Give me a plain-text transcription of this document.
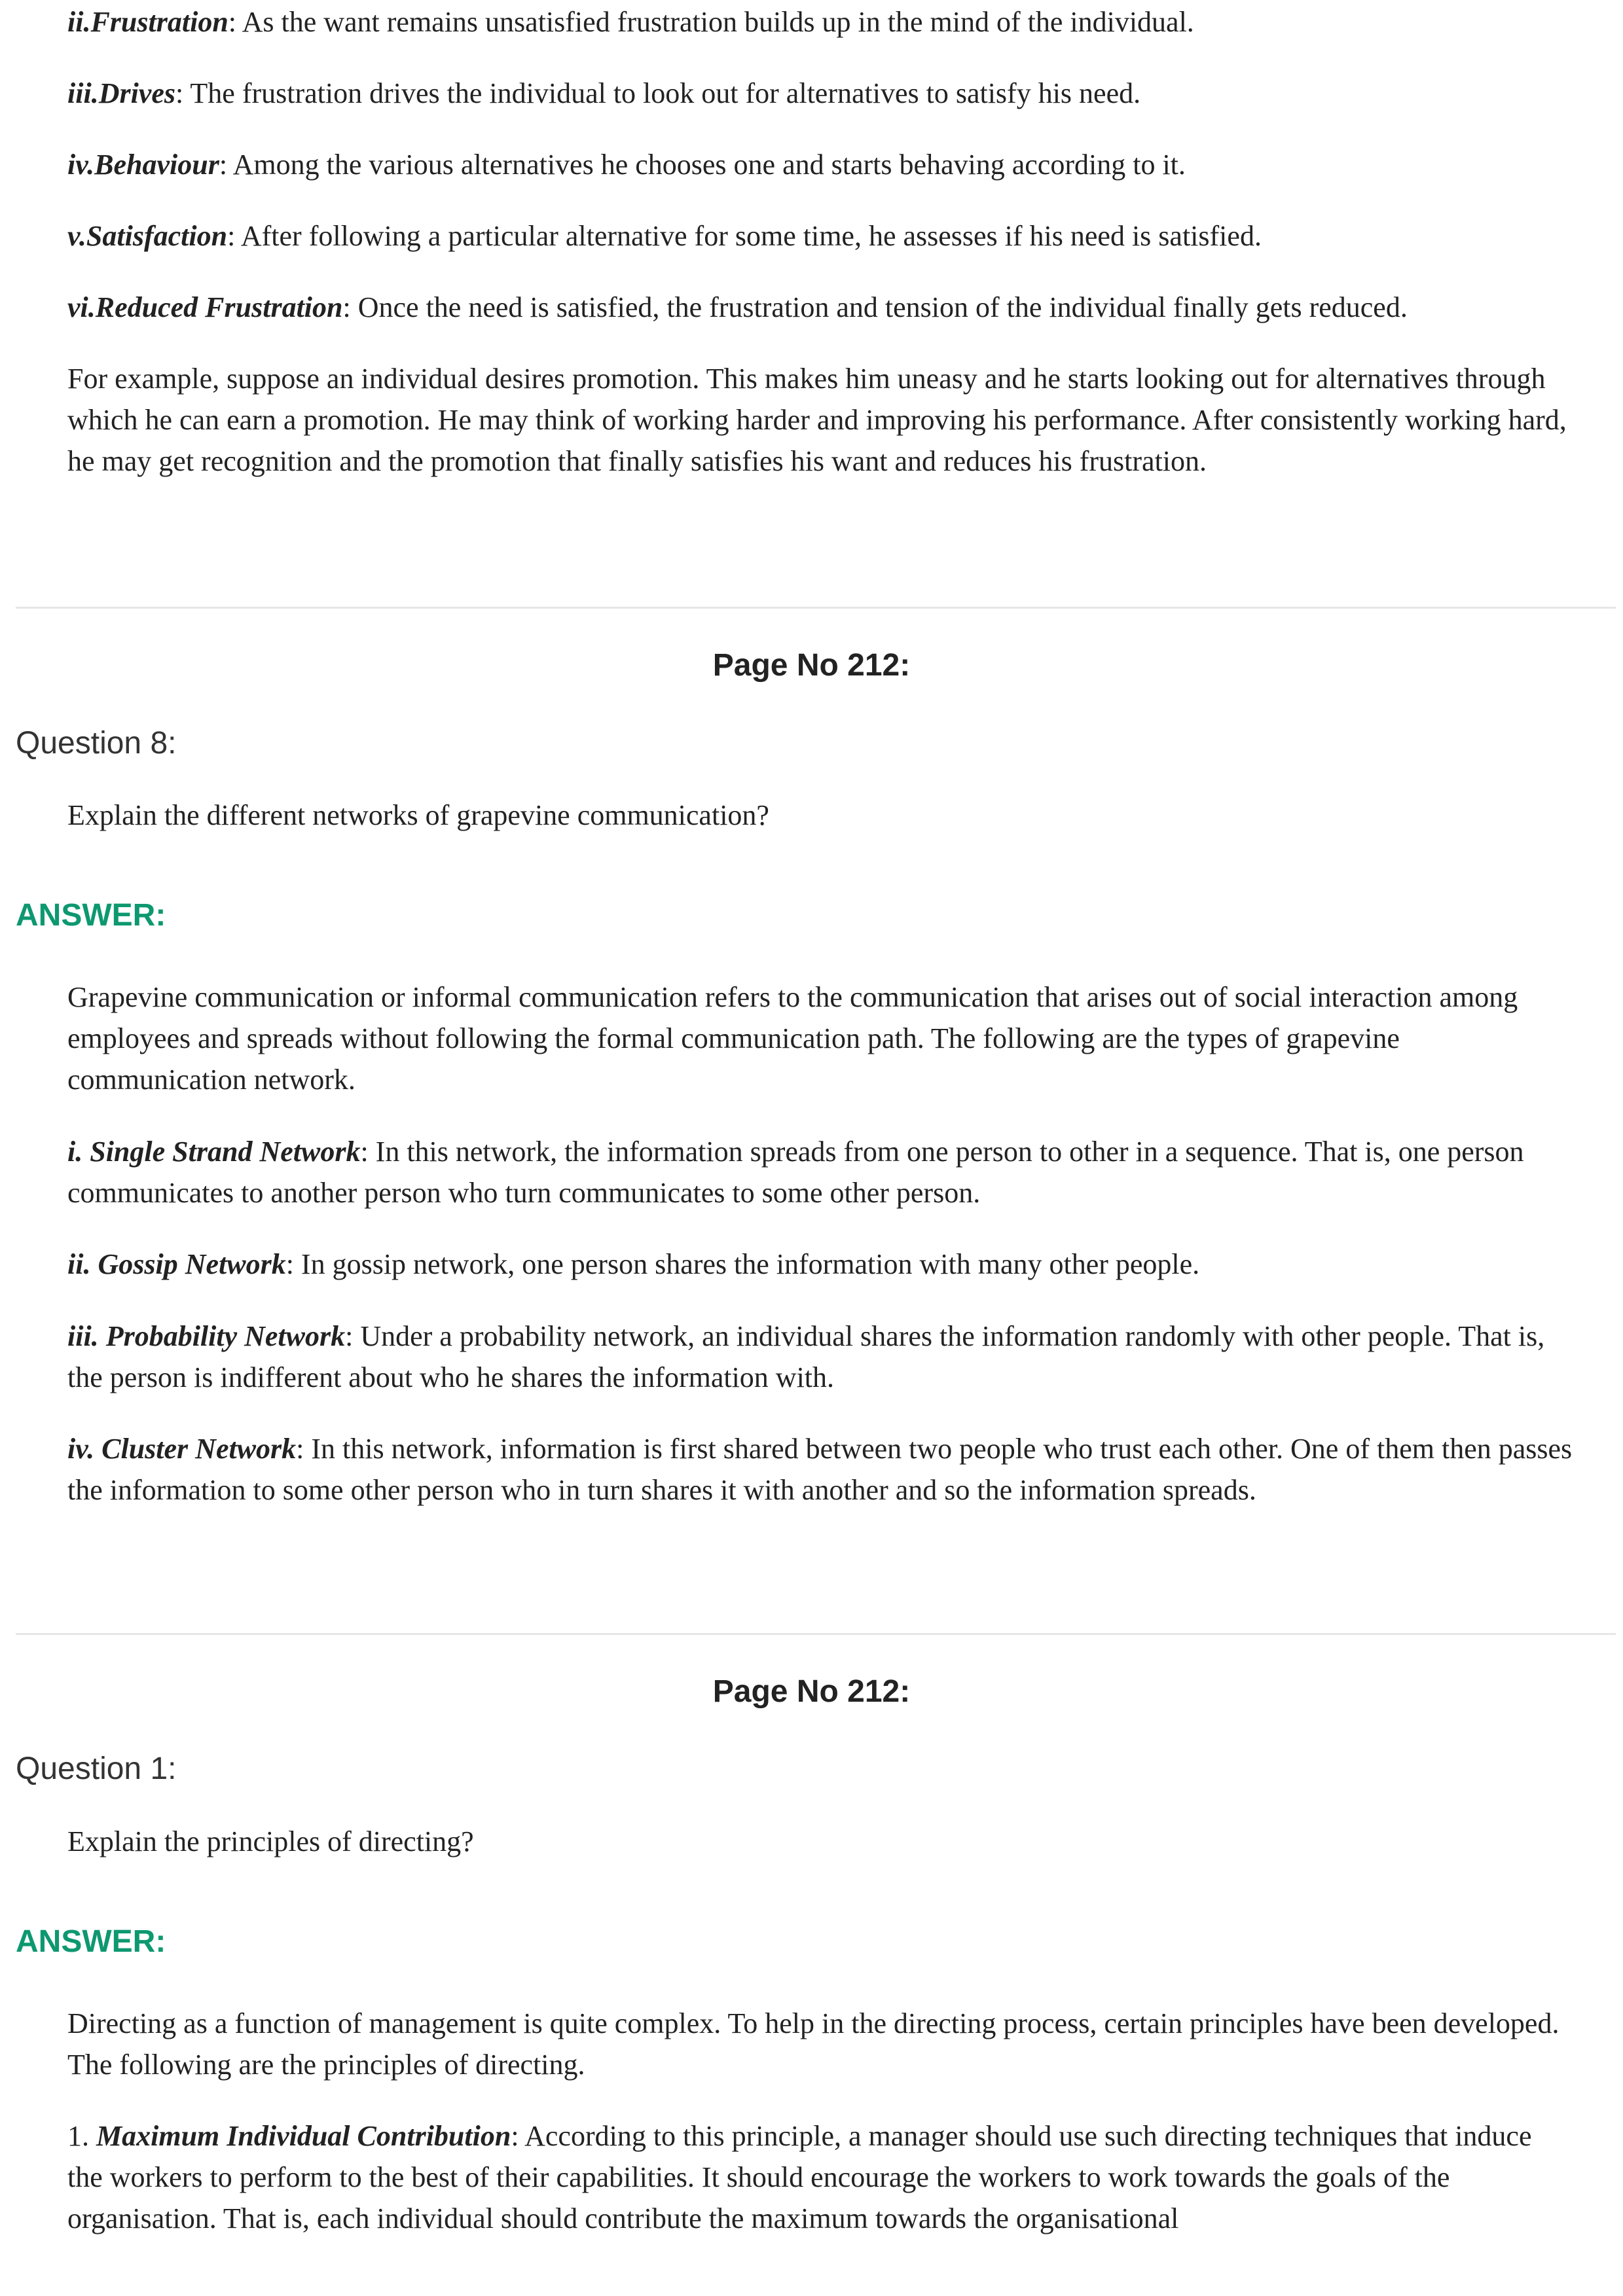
ii.Frustration: As the want remains unsatisfied frustration builds up in the mind of the individual.

iii.Drives: The frustration drives the individual to look out for alternatives to satisfy his need.

iv.Behaviour: Among the various alternatives he chooses one and starts behaving according to it.

v.Satisfaction: After following a particular alternative for some time, he assesses if his need is satisfied.

vi.Reduced Frustration: Once the need is satisfied, the frustration and tension of the individual finally gets reduced.

For example, suppose an individual desires promotion. This makes him uneasy and he starts looking out for alternatives through which he can earn a promotion. He may think of working harder and improving his performance. After consistently working hard, he may get recognition and the promotion that finally satisfies his want and reduces his frustration.

Page No 212:
Question 8:

Explain the different networks of grapevine communication?

ANSWER:

Grapevine communication or informal communication refers to the communication that arises out of social interaction among employees and spreads without following the formal communication path. The following are the types of grapevine communication network.

i. Single Strand Network: In this network, the information spreads from one person to other in a sequence. That is, one person communicates to another person who turn communicates to some other person.

ii. Gossip Network: In gossip network, one person shares the information with many other people.

iii. Probability Network: Under a probability network, an individual shares the information randomly with other people. That is, the person is indifferent about who he shares the information with.

iv. Cluster Network: In this network, information is first shared between two people who trust each other. One of them then passes the information to some other person who in turn shares it with another and so the information spreads.

Page No 212:
Question 1:

Explain the principles of directing?

ANSWER:

Directing as a function of management is quite complex. To help in the directing process, certain principles have been developed. The following are the principles of directing.

1. Maximum Individual Contribution: According to this principle, a manager should use such directing techniques that induce the workers to perform to the best of their capabilities. It should encourage the workers to work towards the goals of the organisation. That is, each individual should contribute the maximum towards the organisational
